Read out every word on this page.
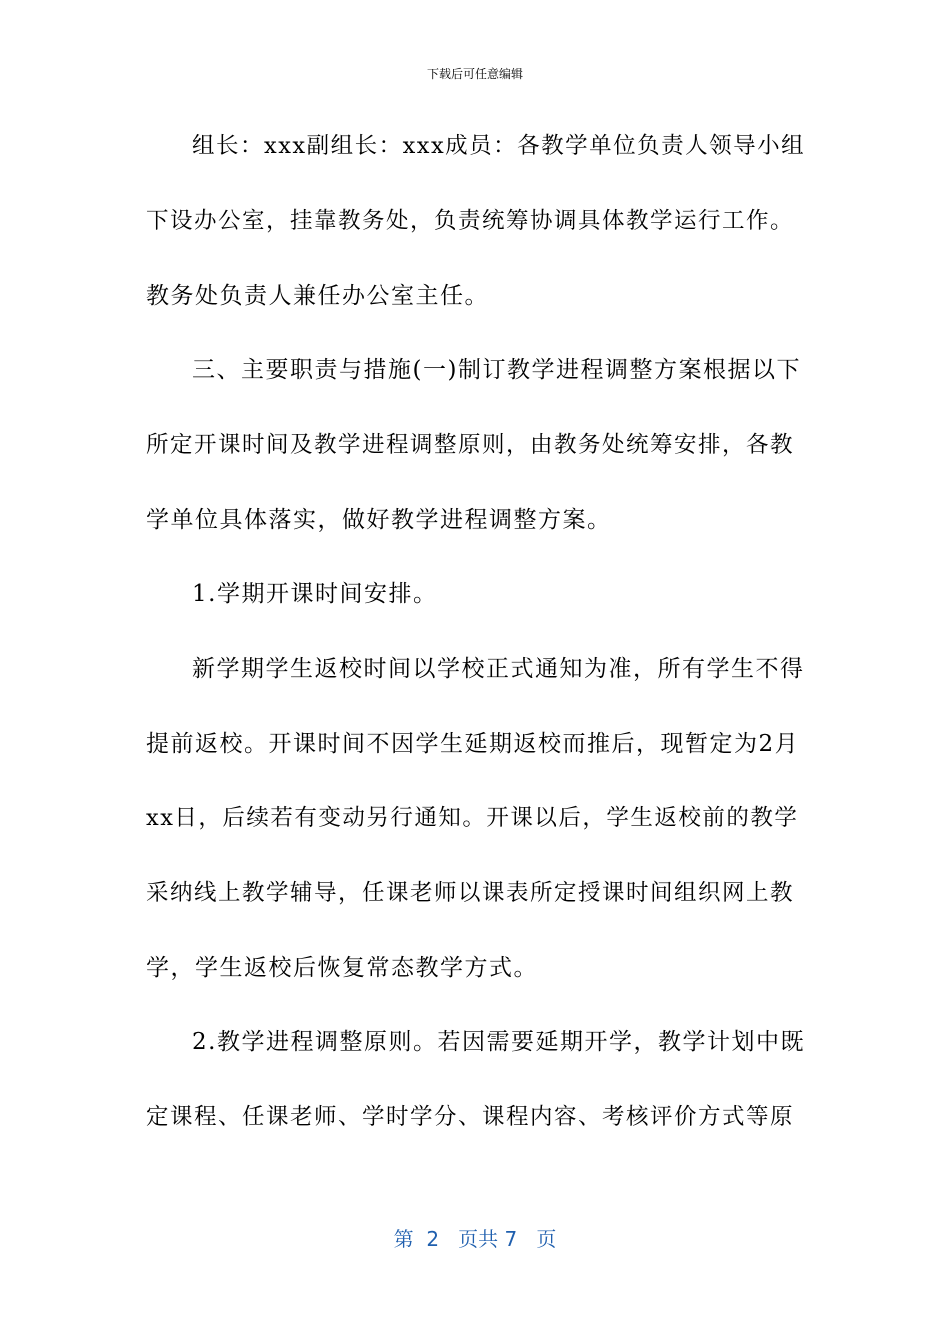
下载后可任意编辑
组长：xxx副组长：xxx成员：各教学单位负责人领导小组
下设办公室，挂靠教务处，负责统筹协调具体教学运行工作。
教务处负责人兼任办公室主任。
三、主要职责与措施(一)制订教学进程调整方案根据以下
所定开课时间及教学进程调整原则，由教务处统筹安排，各教
学单位具体落实，做好教学进程调整方案。
1.学期开课时间安排。
新学期学生返校时间以学校正式通知为准，所有学生不得
提前返校。开课时间不因学生延期返校而推后，现暂定为2月
xx日，后续若有变动另行通知。开课以后，学生返校前的教学
采纳线上教学辅导，任课老师以课表所定授课时间组织网上教
学，学生返校后恢复常态教学方式。
2.教学进程调整原则。若因需要延期开学，教学计划中既
定课程、任课老师、学时学分、课程内容、考核评价方式等原
第  2   页共 7   页
